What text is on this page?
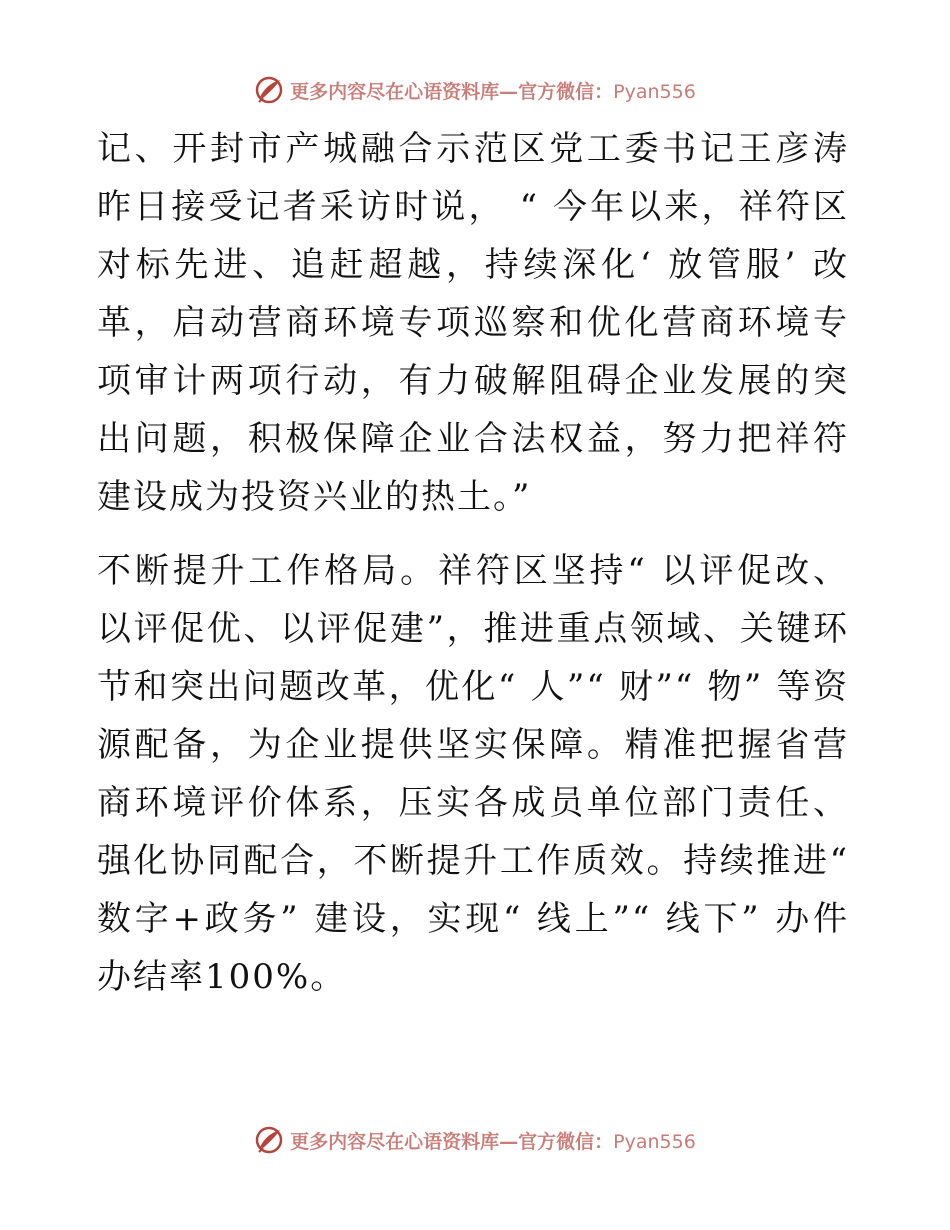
更多内容尽在心语资料库—官方微信：Pyan556

记、开封市产城融合示范区党工委书记王彦涛昨日接受记者采访时说， “ 今年以来，祥符区对标先进、追赶超越，持续深化‘ 放管服’ 改革，启动营商环境专项巡察和优化营商环境专项审计两项行动，有力破解阻碍企业发展的突出问题，积极保障企业合法权益，努力把祥符建设成为投资兴业的热土。”

不断提升工作格局。祥符区坚持“ 以评促改、以评促优、以评促建”，推进重点领域、关键环节和突出问题改革，优化“ 人”“ 财”“ 物” 等资源配备，为企业提供坚实保障。精准把握省营商环境评价体系，压实各成员单位部门责任、强化协同配合，不断提升工作质效。持续推进“ 数字+政务” 建设，实现“ 线上”“ 线下” 办件办结率100%。

更多内容尽在心语资料库—官方微信：Pyan556
